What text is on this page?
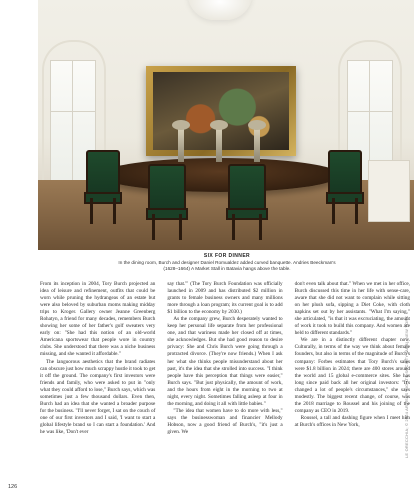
LE ORECCHIA; © 2024 ARTISTS RIGHTS SOCIETY (ARS), NEW YORK
SIX FOR DINNER
In the dining room, Burch and designer Daniel Romualdez added curved banquette. Andries Beeckman's
(1628–1664) A Market Stall in Batavia hangs above the table.

From its inception in 2004, Tory Burch projected an idea of leisure and refinement, outfits that could be worn while pruning the hydrangeas of an estate but were also beloved by suburban moms making midday trips to Kroger. Gallery owner Jeanne Greenberg Rohatyn, a friend for many decades, remembers Burch showing her some of her father's golf sweaters very early on: "She had this notion of an old-world Americana sportswear that people wore in country clubs. She understood that there was a niche business missing, and she wanted it affordable."

The languorous aesthetics that the brand radiates can obscure just how much scrappy hustle it took to get it off the ground. The company's first investors were friends and family, who were asked to put in "only what they could afford to lose," Burch says, which was sometimes just a few thousand dollars. Even then, Burch had an idea that she wanted a broader purpose for the business. "I'll never forget, I sat on the couch of one of our first investors and I said, 'I want to start a global lifestyle brand so I can start a foundation.' And he was like, 'Don't ever

say that.'" (The Tory Burch Foundation was officially launched in 2009 and has distributed $2 million in grants to female business owners and many millions more through a loan program; its current goal is to add $1 billion to the economy by 2030.)

As the company grew, Burch desperately wanted to keep her personal life separate from her professional one, and that wariness made her closed off at times, she acknowledges. But she had good reason to desire privacy: She and Chris Burch were going through a protracted divorce. (They're now friends.) When I ask her what she thinks people misunderstand about her past, it's the idea that she strolled into success. "I think people have this perception that things were easier," Burch says. "But just physically, the amount of work, and the hours from eight in the morning to two at night, every night. Sometimes falling asleep at four in the morning, and doing it all with little babies."

"The idea that women have to do more with less," says the businesswoman and financier Mellody Hobson, now a good friend of Burch's, "it's just a given. We

don't even talk about that." When we met in her office, Burch discussed this time in her life with sense-care, aware that she did not want to complain while sitting on her plush sofa, sipping a Diet Coke, with cloth napkins set out by her assistants. "What I'm saying," she articulated, "is that it was excruciating, the amount of work it took to build this company. And women are held to different standards."

We are in a distinctly different chapter now. Culturally, in terms of the way we think about female founders, but also in terms of the magnitude of Burch's company: Forbes estimates that Tory Burch's sales were $1.8 billion in 2024; there are 400 stores around the world and 15 global e-commerce sites. She has long since paid back all her original investors: "It's changed a lot of people's circumstances," she says modestly. The biggest recent change, of course, was the 2018 marriage to Roussel and his joining of the company as CEO in 2019.

Roussel, a tall and dashing figure when I meet him at Burch's offices in New York,

126
